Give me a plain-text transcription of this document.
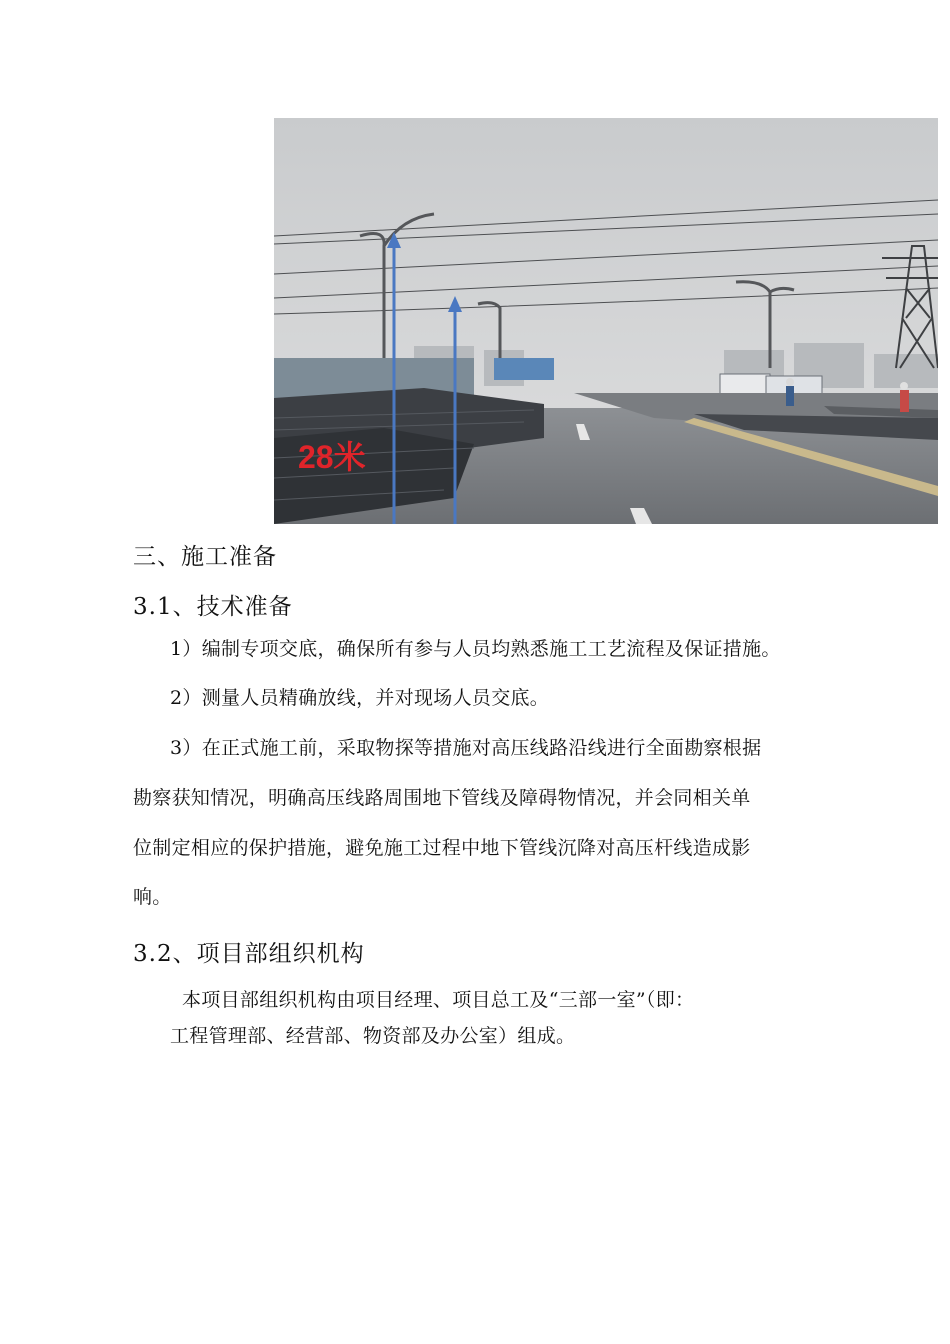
28米
三、施工准备
3.1、技术准备
1）编制专项交底，确保所有参与人员均熟悉施工工艺流程及保证措施。
2）测量人员精确放线，并对现场人员交底。
3）在正式施工前，采取物探等措施对高压线路沿线进行全面勘察根据
勘察获知情况，明确高压线路周围地下管线及障碍物情况，并会同相关单
位制定相应的保护措施，避免施工过程中地下管线沉降对高压杆线造成影
响。
3.2、项目部组织机构
本项目部组织机构由项目经理、项目总工及“三部一室”（即：
工程管理部、经营部、物资部及办公室）组成。
